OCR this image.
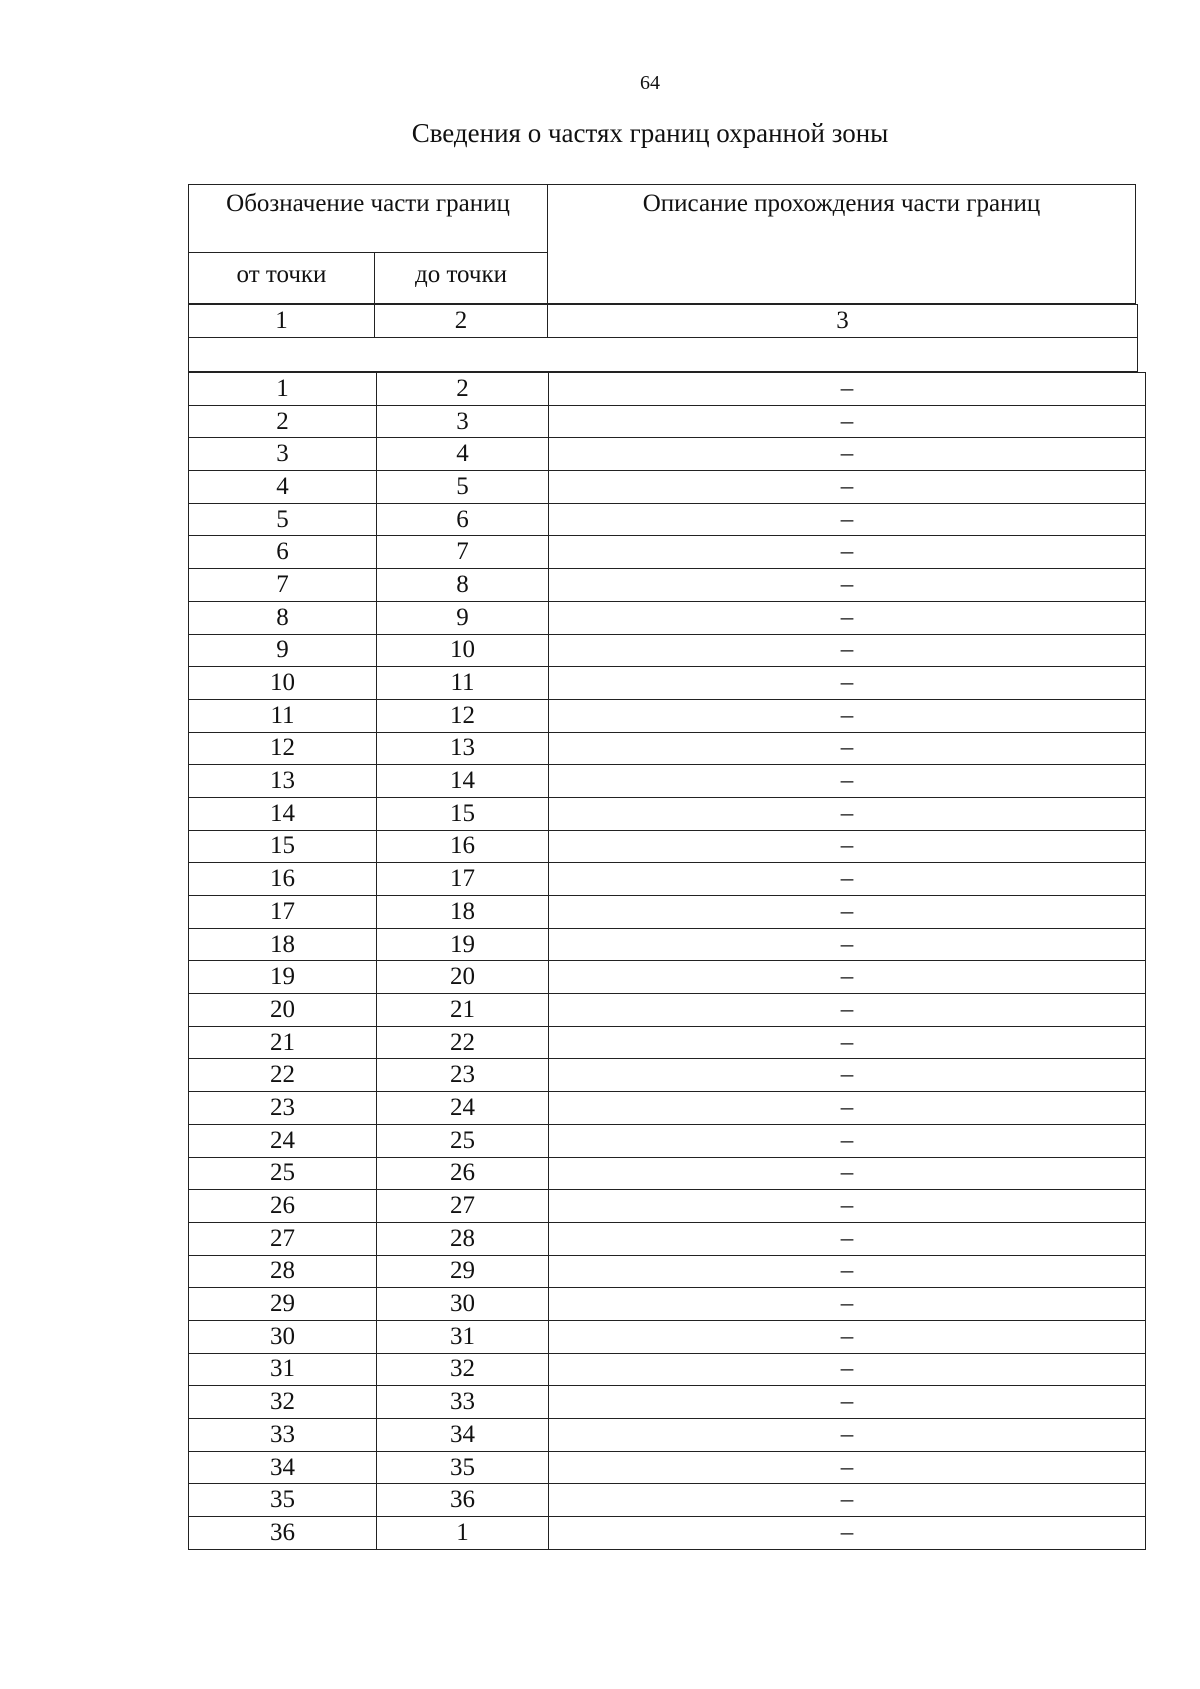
64
Сведения о частях границ охранной зоны
Обозначение части границ
от точки	до точки
Описание прохождения части границ
1	2	3
1	2	–
2	3	–
3	4	–
4	5	–
5	6	–
6	7	–
7	8	–
8	9	–
9	10	–
10	11	–
11	12	–
12	13	–
13	14	–
14	15	–
15	16	–
16	17	–
17	18	–
18	19	–
19	20	–
20	21	–
21	22	–
22	23	–
23	24	–
24	25	–
25	26	–
26	27	–
27	28	–
28	29	–
29	30	–
30	31	–
31	32	–
32	33	–
33	34	–
34	35	–
35	36	–
36	1	–
